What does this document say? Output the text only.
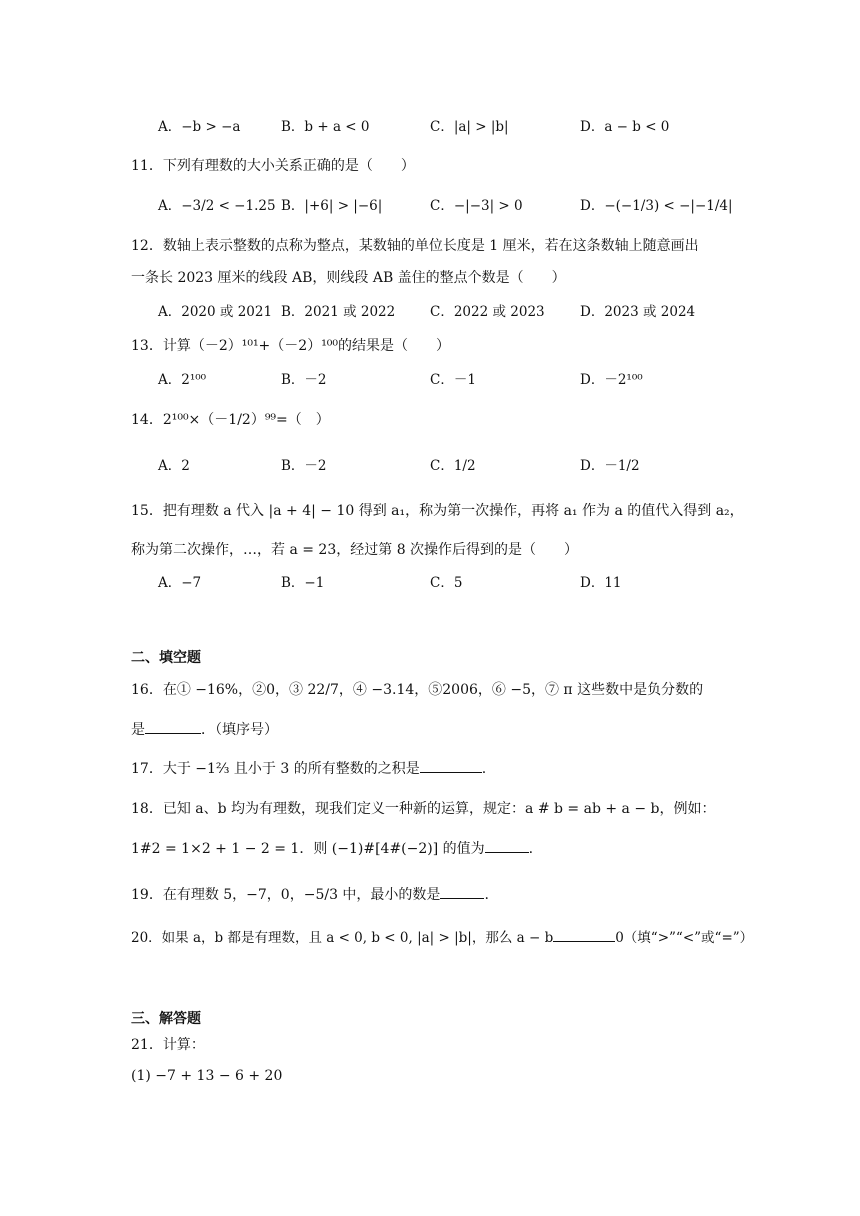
A．−b > −a	B．b + a < 0	C．|a| > |b|	D．a − b < 0
11．下列有理数的大小关系正确的是（　　）
A．−3/2 < −1.25 B．|+6| > |−6|	C．−|−3| > 0	D．−(−1/3) < −|−1/4|
12．数轴上表示整数的点称为整点，某数轴的单位长度是 1 厘米，若在这条数轴上随意画出
一条长 2023 厘米的线段 AB，则线段 AB 盖住的整点个数是（　　）
A．2020 或 2021 B．2021 或 2022	C．2022 或 2023	D．2023 或 2024
13．计算（－2）¹⁰¹+（－2）¹⁰⁰的结果是（　　）
A．2¹⁰⁰	B．－2	C．－1	D．－2¹⁰⁰
14．2¹⁰⁰×（－1/2）⁹⁹=（　）
A．2	B．－2	C．1/2	D．－1/2
15．把有理数 a 代入 |a + 4| − 10 得到 a₁，称为第一次操作，再将 a₁ 作为 a 的值代入得到 a₂，
称为第二次操作，…，若 a = 23，经过第 8 次操作后得到的是（　　）
A．−7	B．−1	C．5	D．11
二、填空题
16．在① −16%，②0，③ 22/7，④ −3.14，⑤2006，⑥ −5，⑦ π 这些数中是负分数的
是	．（填序号）
17．大于 −1⅔ 且小于 3 的所有整数的之积是	.
18．已知 a、b 均为有理数，现我们定义一种新的运算，规定：a # b = ab + a − b，例如：
1#2 = 1×2 + 1 − 2 = 1．则 (−1)#[4#(−2)] 的值为	.
19．在有理数 5，−7，0，−5/3 中，最小的数是	.
20．如果 a，b 都是有理数，且 a < 0, b < 0, |a| > |b|，那么 a − b	0（填“>”“<”或“=”）
三、解答题
21．计算：
(1) −7 + 13 − 6 + 20
